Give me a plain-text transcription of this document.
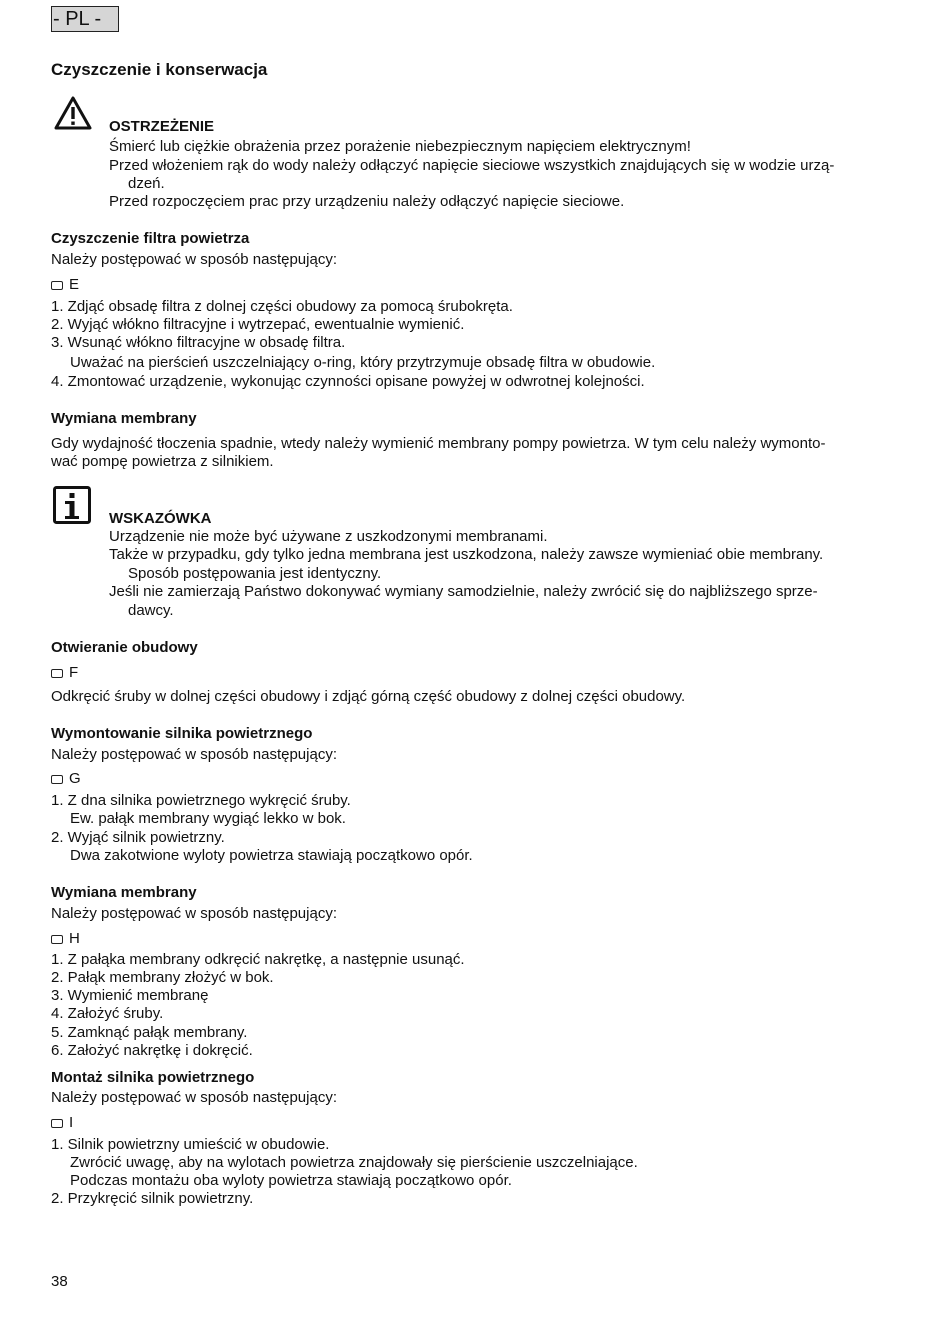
- PL -
Czyszczenie i konserwacja
OSTRZEŻENIE
Śmierć lub ciężkie obrażenia przez porażenie niebezpiecznym napięciem elektrycznym!
Przed włożeniem rąk do wody należy odłączyć napięcie sieciowe wszystkich znajdujących się w wodzie urzą-
dzeń.
Przed rozpoczęciem prac przy urządzeniu należy odłączyć napięcie sieciowe.
Czyszczenie filtra powietrza
Należy postępować w sposób następujący:
E
1. Zdjąć obsadę filtra z dolnej części obudowy za pomocą śrubokręta.
2. Wyjąć włókno filtracyjne i wytrzepać, ewentualnie wymienić.
3. Wsunąć włókno filtracyjne w obsadę filtra.
Uważać na pierścień uszczelniający o-ring, który przytrzymuje obsadę filtra w obudowie.
4. Zmontować urządzenie, wykonując czynności opisane powyżej w odwrotnej kolejności.
Wymiana membrany
Gdy wydajność tłoczenia spadnie, wtedy należy wymienić membrany pompy powietrza. W tym celu należy wymonto-
wać pompę powietrza z silnikiem.
WSKAZÓWKA
Urządzenie nie może być używane z uszkodzonymi membranami.
Także w przypadku, gdy tylko jedna membrana jest uszkodzona, należy zawsze wymieniać obie membrany.
Sposób postępowania jest identyczny.
Jeśli nie zamierzają Państwo dokonywać wymiany samodzielnie, należy zwrócić się do najbliższego sprze-
dawcy.
Otwieranie obudowy
F
Odkręcić śruby w dolnej części obudowy i zdjąć górną część obudowy z dolnej części obudowy.
Wymontowanie silnika powietrznego
Należy postępować w sposób następujący:
G
1. Z dna silnika powietrznego wykręcić śruby.
Ew. pałąk membrany wygiąć lekko w bok.
2. Wyjąć silnik powietrzny.
Dwa zakotwione wyloty powietrza stawiają początkowo opór.
Wymiana membrany
Należy postępować w sposób następujący:
H
1. Z pałąka membrany odkręcić nakrętkę, a następnie usunąć.
2. Pałąk membrany złożyć w bok.
3. Wymienić membranę
4. Założyć śruby.
5. Zamknąć pałąk membrany.
6. Założyć nakrętkę i dokręcić.
Montaż silnika powietrznego
Należy postępować w sposób następujący:
I
1. Silnik powietrzny umieścić w obudowie.
Zwrócić uwagę, aby na wylotach powietrza znajdowały się pierścienie uszczelniające.
Podczas montażu oba wyloty powietrza stawiają początkowo opór.
2. Przykręcić silnik powietrzny.
38
